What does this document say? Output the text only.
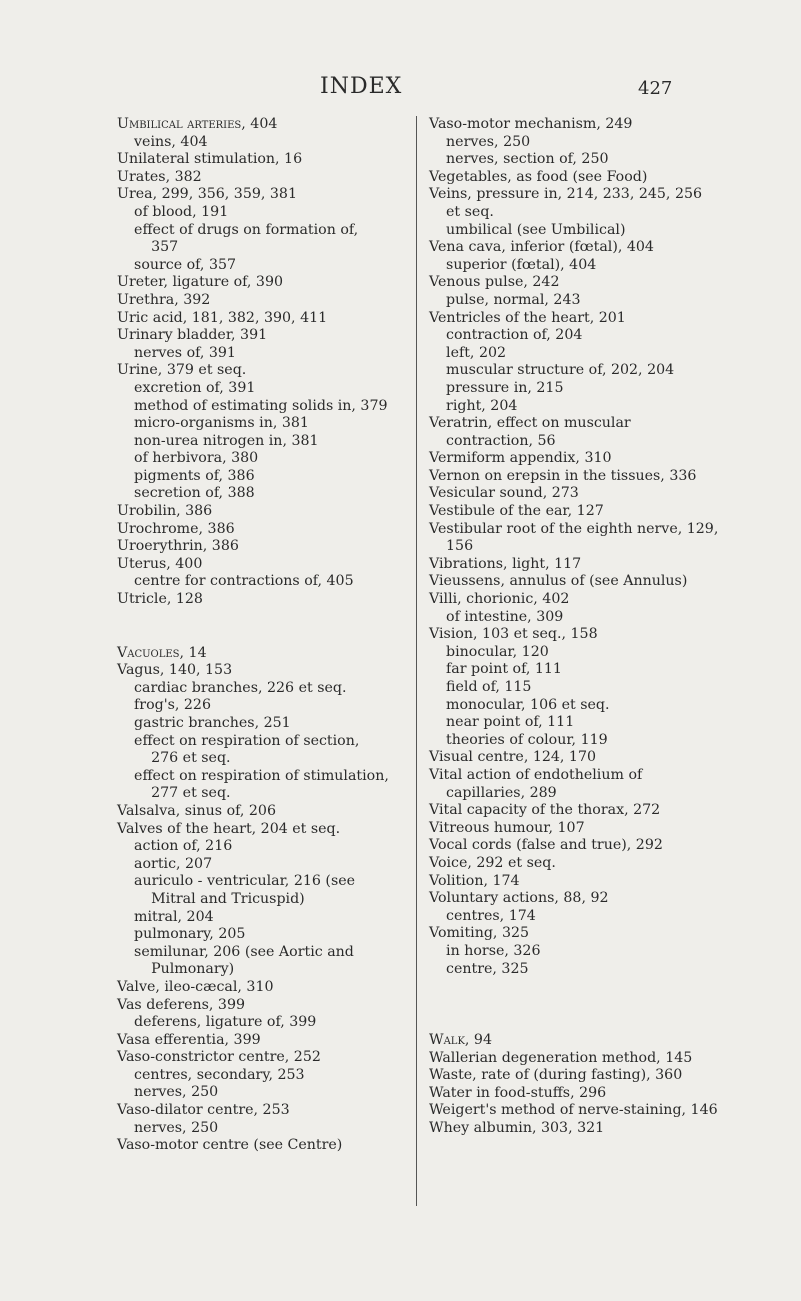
INDEX	427

Umbilical arteries, 404

veins, 404

Unilateral stimulation, 16

Urates, 382

Urea, 299, 356, 359, 381

of blood, 191

effect of drugs on formation of, 357

source of, 357

Ureter, ligature of, 390

Urethra, 392

Uric acid, 181, 382, 390, 411

Urinary bladder, 391

nerves of, 391

Urine, 379 et seq.

excretion of, 391

method of estimating solids in, 379

micro-organisms in, 381

non-urea nitrogen in, 381

of herbivora, 380

pigments of, 386

secretion of, 388

Urobilin, 386

Urochrome, 386

Uroerythrin, 386

Uterus, 400

centre for contractions of, 405

Utricle, 128

Vacuoles, 14

Vagus, 140, 153

cardiac branches, 226 et seq.

frog's, 226

gastric branches, 251

effect on respiration of section, 276 et seq.

effect on respiration of stimulation, 277 et seq.

Valsalva, sinus of, 206

Valves of the heart, 204 et seq.

action of, 216

aortic, 207

auriculo - ventricular, 216 (see Mitral and Tricuspid)

mitral, 204

pulmonary, 205

semilunar, 206 (see Aortic and Pulmonary)

Valve, ileo-cæcal, 310

Vas deferens, 399

deferens, ligature of, 399

Vasa efferentia, 399

Vaso-constrictor centre, 252

centres, secondary, 253

nerves, 250

Vaso-dilator centre, 253

nerves, 250

Vaso-motor centre (see Centre)

Vaso-motor mechanism, 249

nerves, 250

nerves, section of, 250

Vegetables, as food (see Food)

Veins, pressure in, 214, 233, 245, 256 et seq.

umbilical (see Umbilical)

Vena cava, inferior (fœtal), 404

superior (fœtal), 404

Venous pulse, 242

pulse, normal, 243

Ventricles of the heart, 201

contraction of, 204

left, 202

muscular structure of, 202, 204

pressure in, 215

right, 204

Veratrin, effect on muscular contraction, 56

Vermiform appendix, 310

Vernon on erepsin in the tissues, 336

Vesicular sound, 273

Vestibule of the ear, 127

Vestibular root of the eighth nerve, 129, 156

Vibrations, light, 117

Vieussens, annulus of (see Annulus)

Villi, chorionic, 402

of intestine, 309

Vision, 103 et seq., 158

binocular, 120

far point of, 111

field of, 115

monocular, 106 et seq.

near point of, 111

theories of colour, 119

Visual centre, 124, 170

Vital action of endothelium of capillaries, 289

Vital capacity of the thorax, 272

Vitreous humour, 107

Vocal cords (false and true), 292

Voice, 292 et seq.

Volition, 174

Voluntary actions, 88, 92

centres, 174

Vomiting, 325

in horse, 326

centre, 325

Walk, 94

Wallerian degeneration method, 145

Waste, rate of (during fasting), 360

Water in food-stuffs, 296

Weigert's method of nerve-staining, 146

Whey albumin, 303, 321
